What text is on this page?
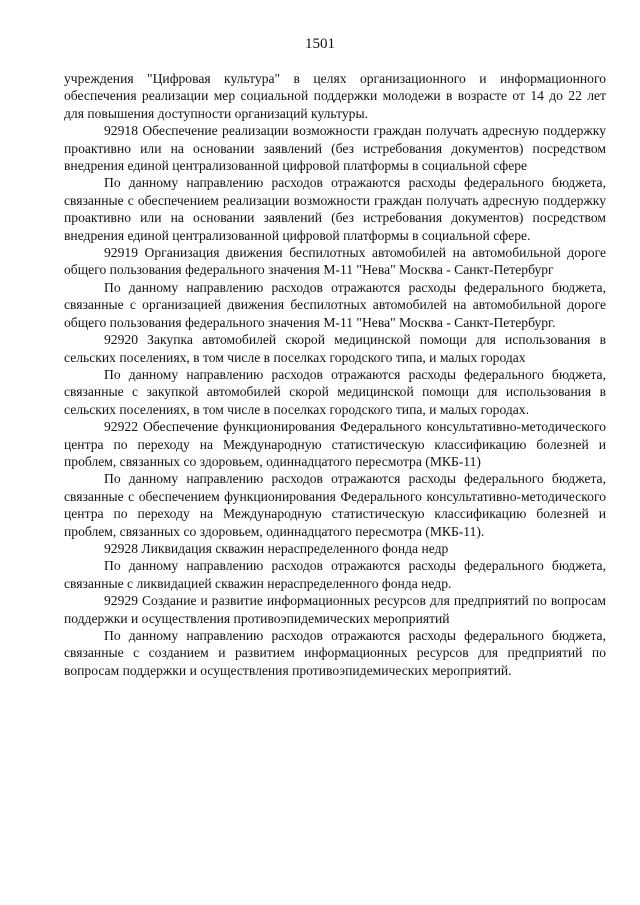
1501

учреждения "Цифровая культура" в целях организационного и информационного обеспечения реализации мер социальной поддержки молодежи в возрасте от 14 до 22 лет для повышения доступности организаций культуры.

92918 Обеспечение реализации возможности граждан получать адресную поддержку проактивно или на основании заявлений (без истребования документов) посредством внедрения единой централизованной цифровой платформы в социальной сфере

По данному направлению расходов отражаются расходы федерального бюджета, связанные с обеспечением реализации возможности граждан получать адресную поддержку проактивно или на основании заявлений (без истребования документов) посредством внедрения единой централизованной цифровой платформы в социальной сфере.

92919 Организация движения беспилотных автомобилей на автомобильной дороге общего пользования федерального значения М-11 "Нева" Москва - Санкт-Петербург

По данному направлению расходов отражаются расходы федерального бюджета, связанные с организацией движения беспилотных автомобилей на автомобильной дороге общего пользования федерального значения М-11 "Нева" Москва - Санкт-Петербург.

92920 Закупка автомобилей скорой медицинской помощи для использования в сельских поселениях, в том числе в поселках городского типа, и малых городах

По данному направлению расходов отражаются расходы федерального бюджета, связанные с закупкой автомобилей скорой медицинской помощи для использования в сельских поселениях, в том числе в поселках городского типа, и малых городах.

92922 Обеспечение функционирования Федерального консультативно-методического центра по переходу на Международную статистическую классификацию болезней и проблем, связанных со здоровьем, одиннадцатого пересмотра (МКБ-11)

По данному направлению расходов отражаются расходы федерального бюджета, связанные с обеспечением функционирования Федерального консультативно-методического центра по переходу на Международную статистическую классификацию болезней и проблем, связанных со здоровьем, одиннадцатого пересмотра (МКБ-11).

92928 Ликвидация скважин нераспределенного фонда недр

По данному направлению расходов отражаются расходы федерального бюджета, связанные с ликвидацией скважин нераспределенного фонда недр.

92929 Создание и развитие информационных ресурсов для предприятий по вопросам поддержки и осуществления противоэпидемических мероприятий

По данному направлению расходов отражаются расходы федерального бюджета, связанные с созданием и развитием информационных ресурсов для предприятий по вопросам поддержки и осуществления противоэпидемических мероприятий.
